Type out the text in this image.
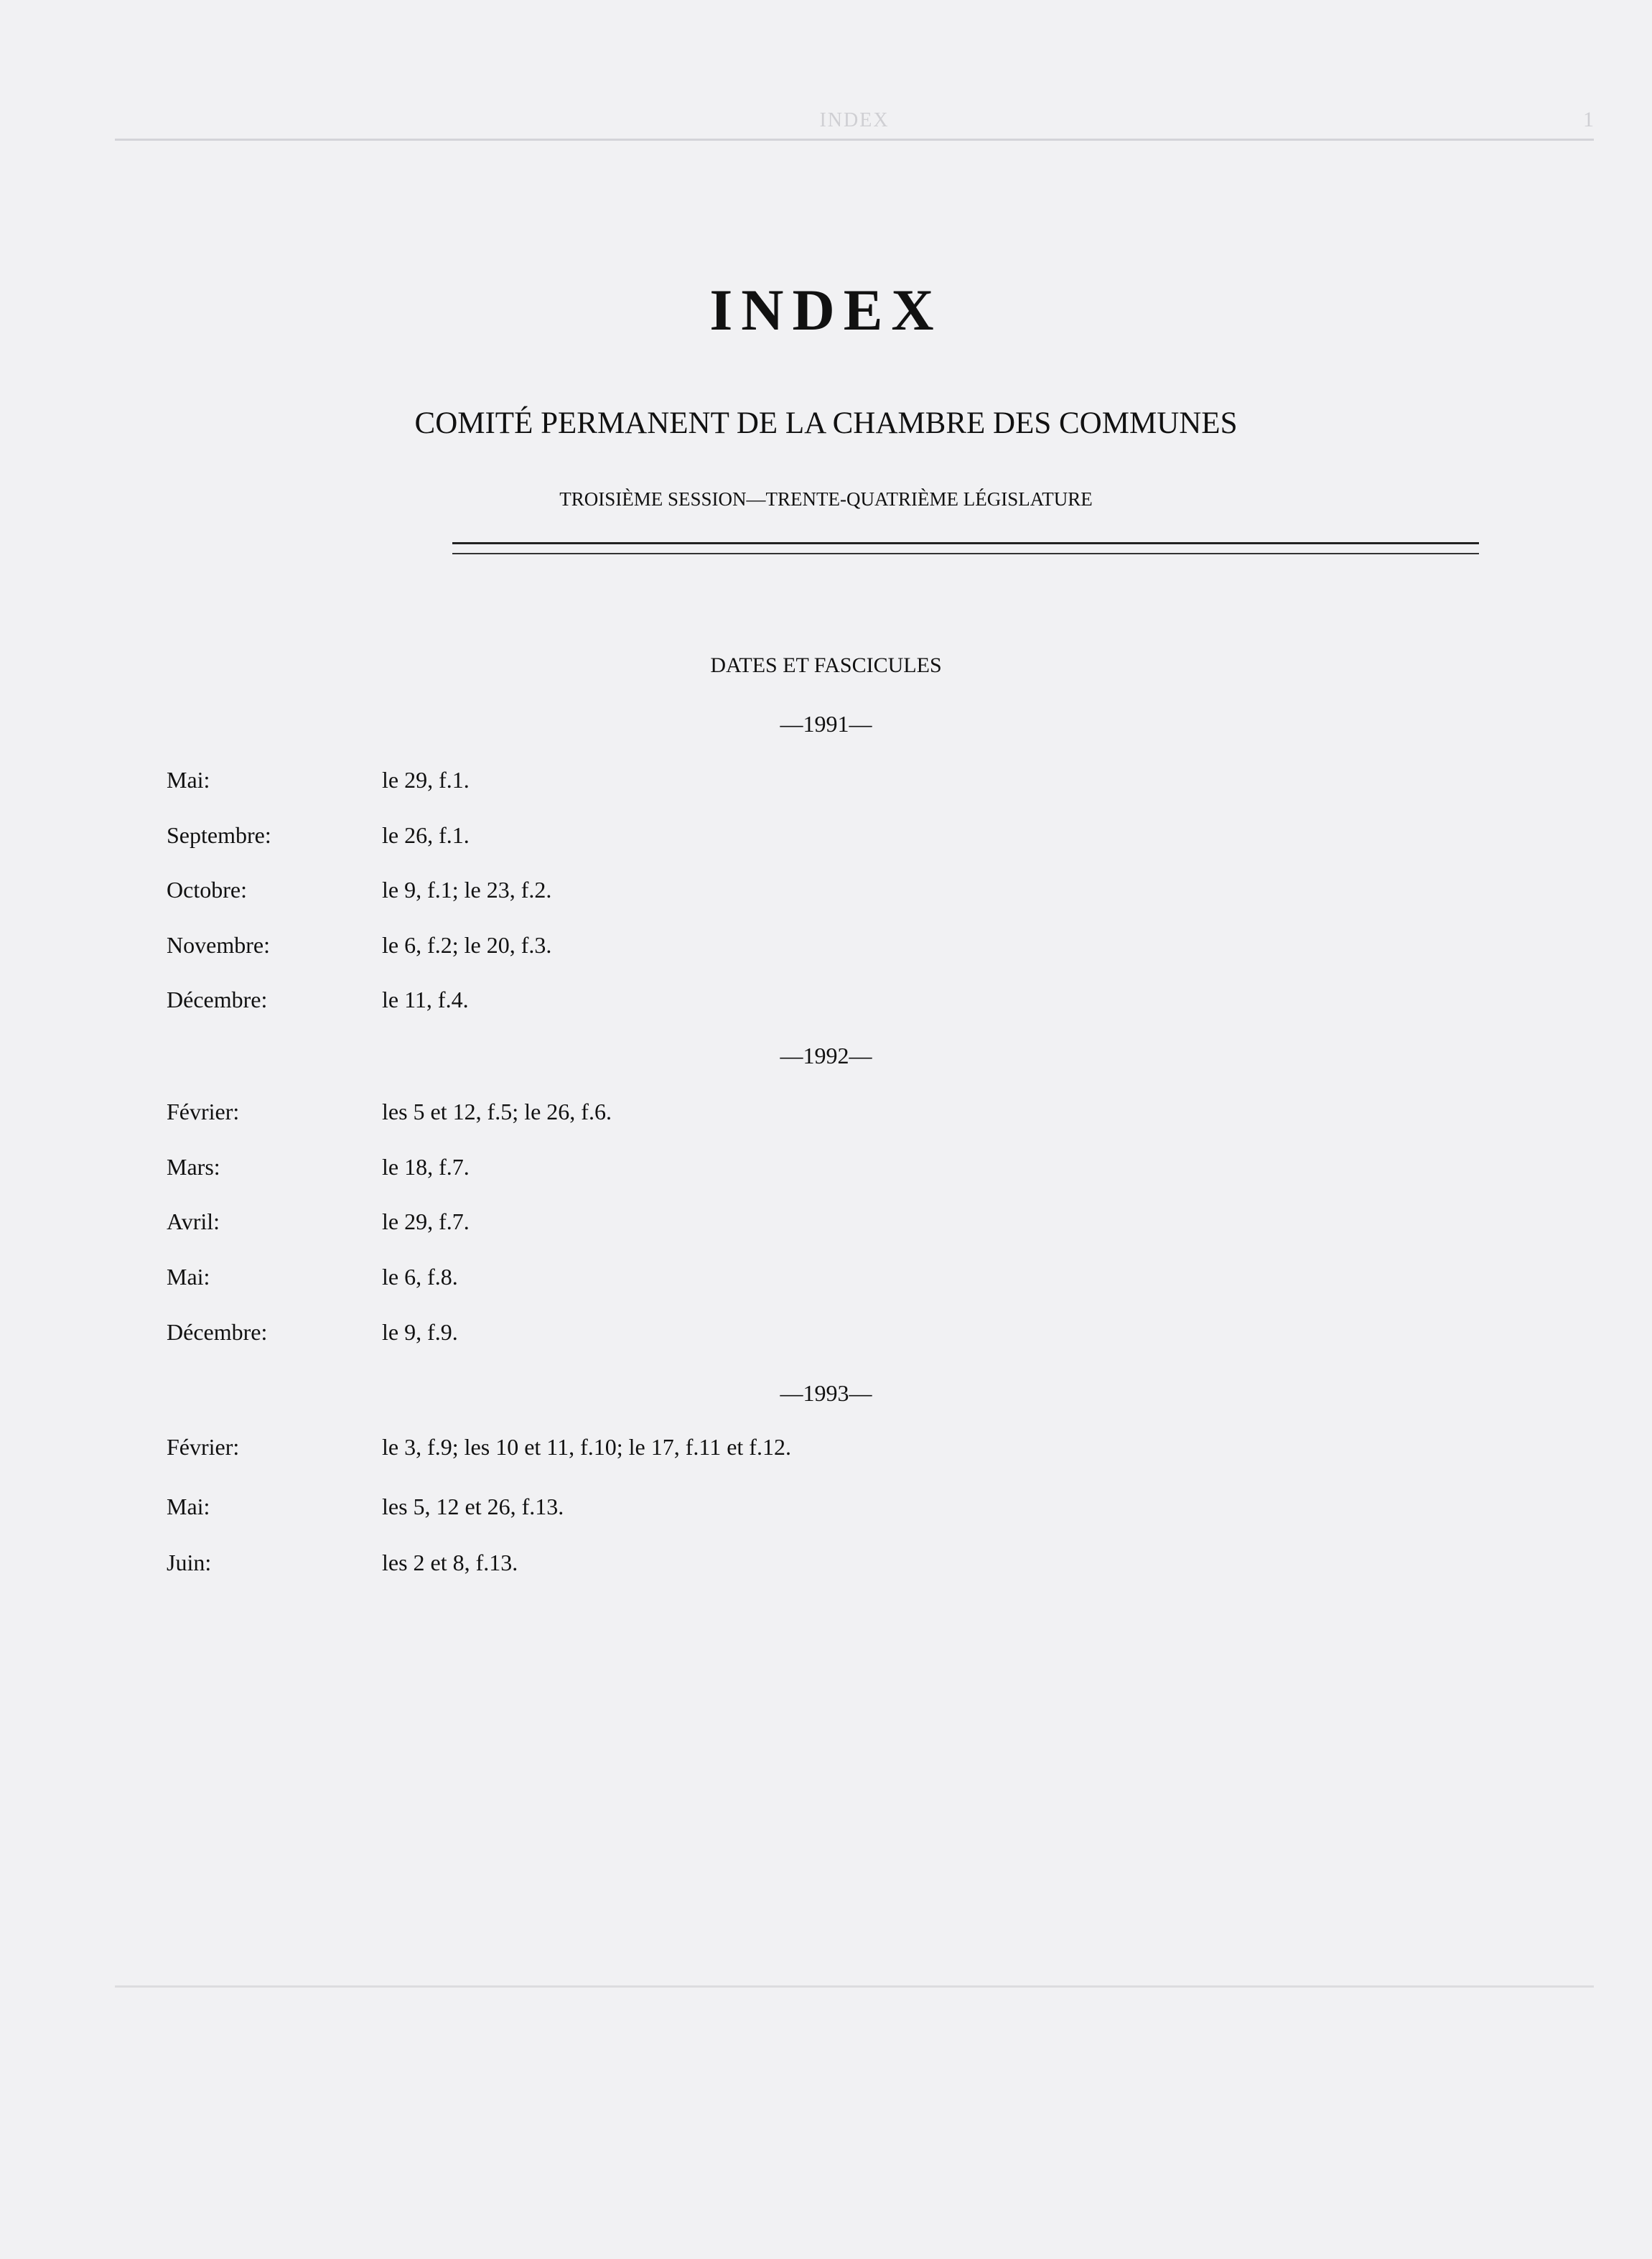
INDEX	1
INDEX
COMITÉ PERMANENT DE LA CHAMBRE DES COMMUNES
TROISIÈME SESSION—TRENTE-QUATRIÈME LÉGISLATURE
DATES ET FASCICULES
—1991—
Mai:	le 29, f.1.
Septembre:	le 26, f.1.
Octobre:	le 9, f.1; le 23, f.2.
Novembre:	le 6, f.2; le 20, f.3.
Décembre:	le 11, f.4.
—1992—
Février:	les 5 et 12, f.5; le 26, f.6.
Mars:	le 18, f.7.
Avril:	le 29, f.7.
Mai:	le 6, f.8.
Décembre:	le 9, f.9.
—1993—
Février:	le 3, f.9; les 10 et 11, f.10; le 17, f.11 et f.12.
Mai:	les 5, 12 et 26, f.13.
Juin:	les 2 et 8, f.13.
